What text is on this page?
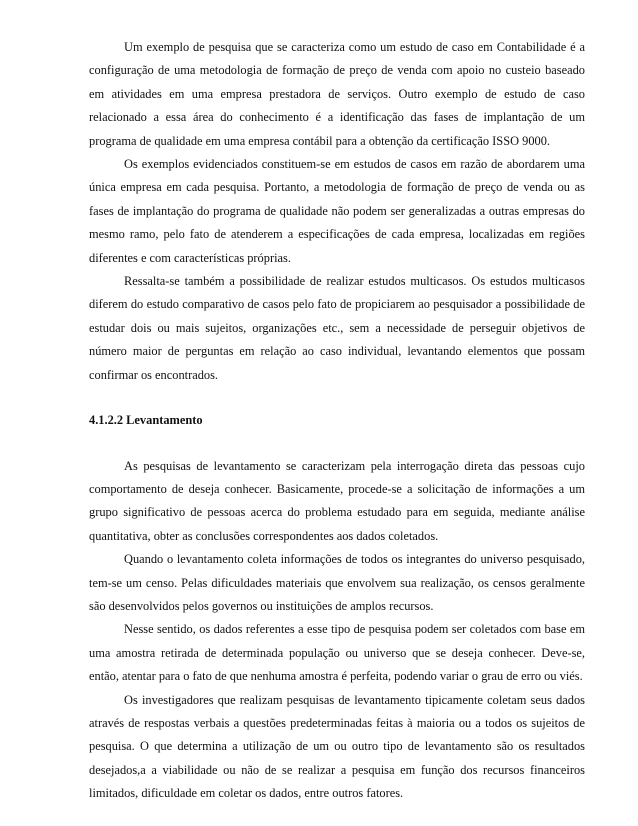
Um exemplo de pesquisa que se caracteriza como um estudo de caso em Contabilidade é a configuração de uma metodologia de formação de preço de venda com apoio no custeio baseado em atividades em uma empresa prestadora de serviços. Outro exemplo de estudo de caso relacionado a essa área do conhecimento é a identificação das fases de implantação de um programa de qualidade em uma empresa contábil para a obtenção da certificação ISSO 9000.

Os exemplos evidenciados constituem-se em estudos de casos em razão de abordarem uma única empresa em cada pesquisa. Portanto, a metodologia de formação de preço de venda ou as fases de implantação do programa de qualidade não podem ser generalizadas a outras empresas do mesmo ramo, pelo fato de atenderem a especificações de cada empresa, localizadas em regiões diferentes e com características próprias.

Ressalta-se também a possibilidade de realizar estudos multicasos. Os estudos multicasos diferem do estudo comparativo de casos pelo fato de propiciarem ao pesquisador a possibilidade de estudar dois ou mais sujeitos, organizações etc., sem a necessidade de perseguir objetivos de número maior de perguntas em relação ao caso individual, levantando elementos que possam confirmar os encontrados.

4.1.2.2 Levantamento

As pesquisas de levantamento se caracterizam pela interrogação direta das pessoas cujo comportamento de deseja conhecer. Basicamente, procede-se a solicitação de informações a um grupo significativo de pessoas acerca do problema estudado para em seguida, mediante análise quantitativa, obter as conclusões correspondentes aos dados coletados.

Quando o levantamento coleta informações de todos os integrantes do universo pesquisado, tem-se um censo. Pelas dificuldades materiais que envolvem sua realização, os censos geralmente são desenvolvidos pelos governos ou instituições de amplos recursos.

Nesse sentido, os dados referentes a esse tipo de pesquisa podem ser coletados com base em uma amostra retirada de determinada população ou universo que se deseja conhecer. Deve-se, então, atentar para o fato de que nenhuma amostra é perfeita, podendo variar o grau de erro ou viés.

Os investigadores que realizam pesquisas de levantamento tipicamente coletam seus dados através de respostas verbais a questões predeterminadas feitas à maioria ou a todos os sujeitos de pesquisa. O que determina a utilização de um ou outro tipo de levantamento são os resultados desejados,a a viabilidade ou não de se realizar a pesquisa em função dos recursos financeiros limitados, dificuldade em coletar os dados, entre outros fatores.
